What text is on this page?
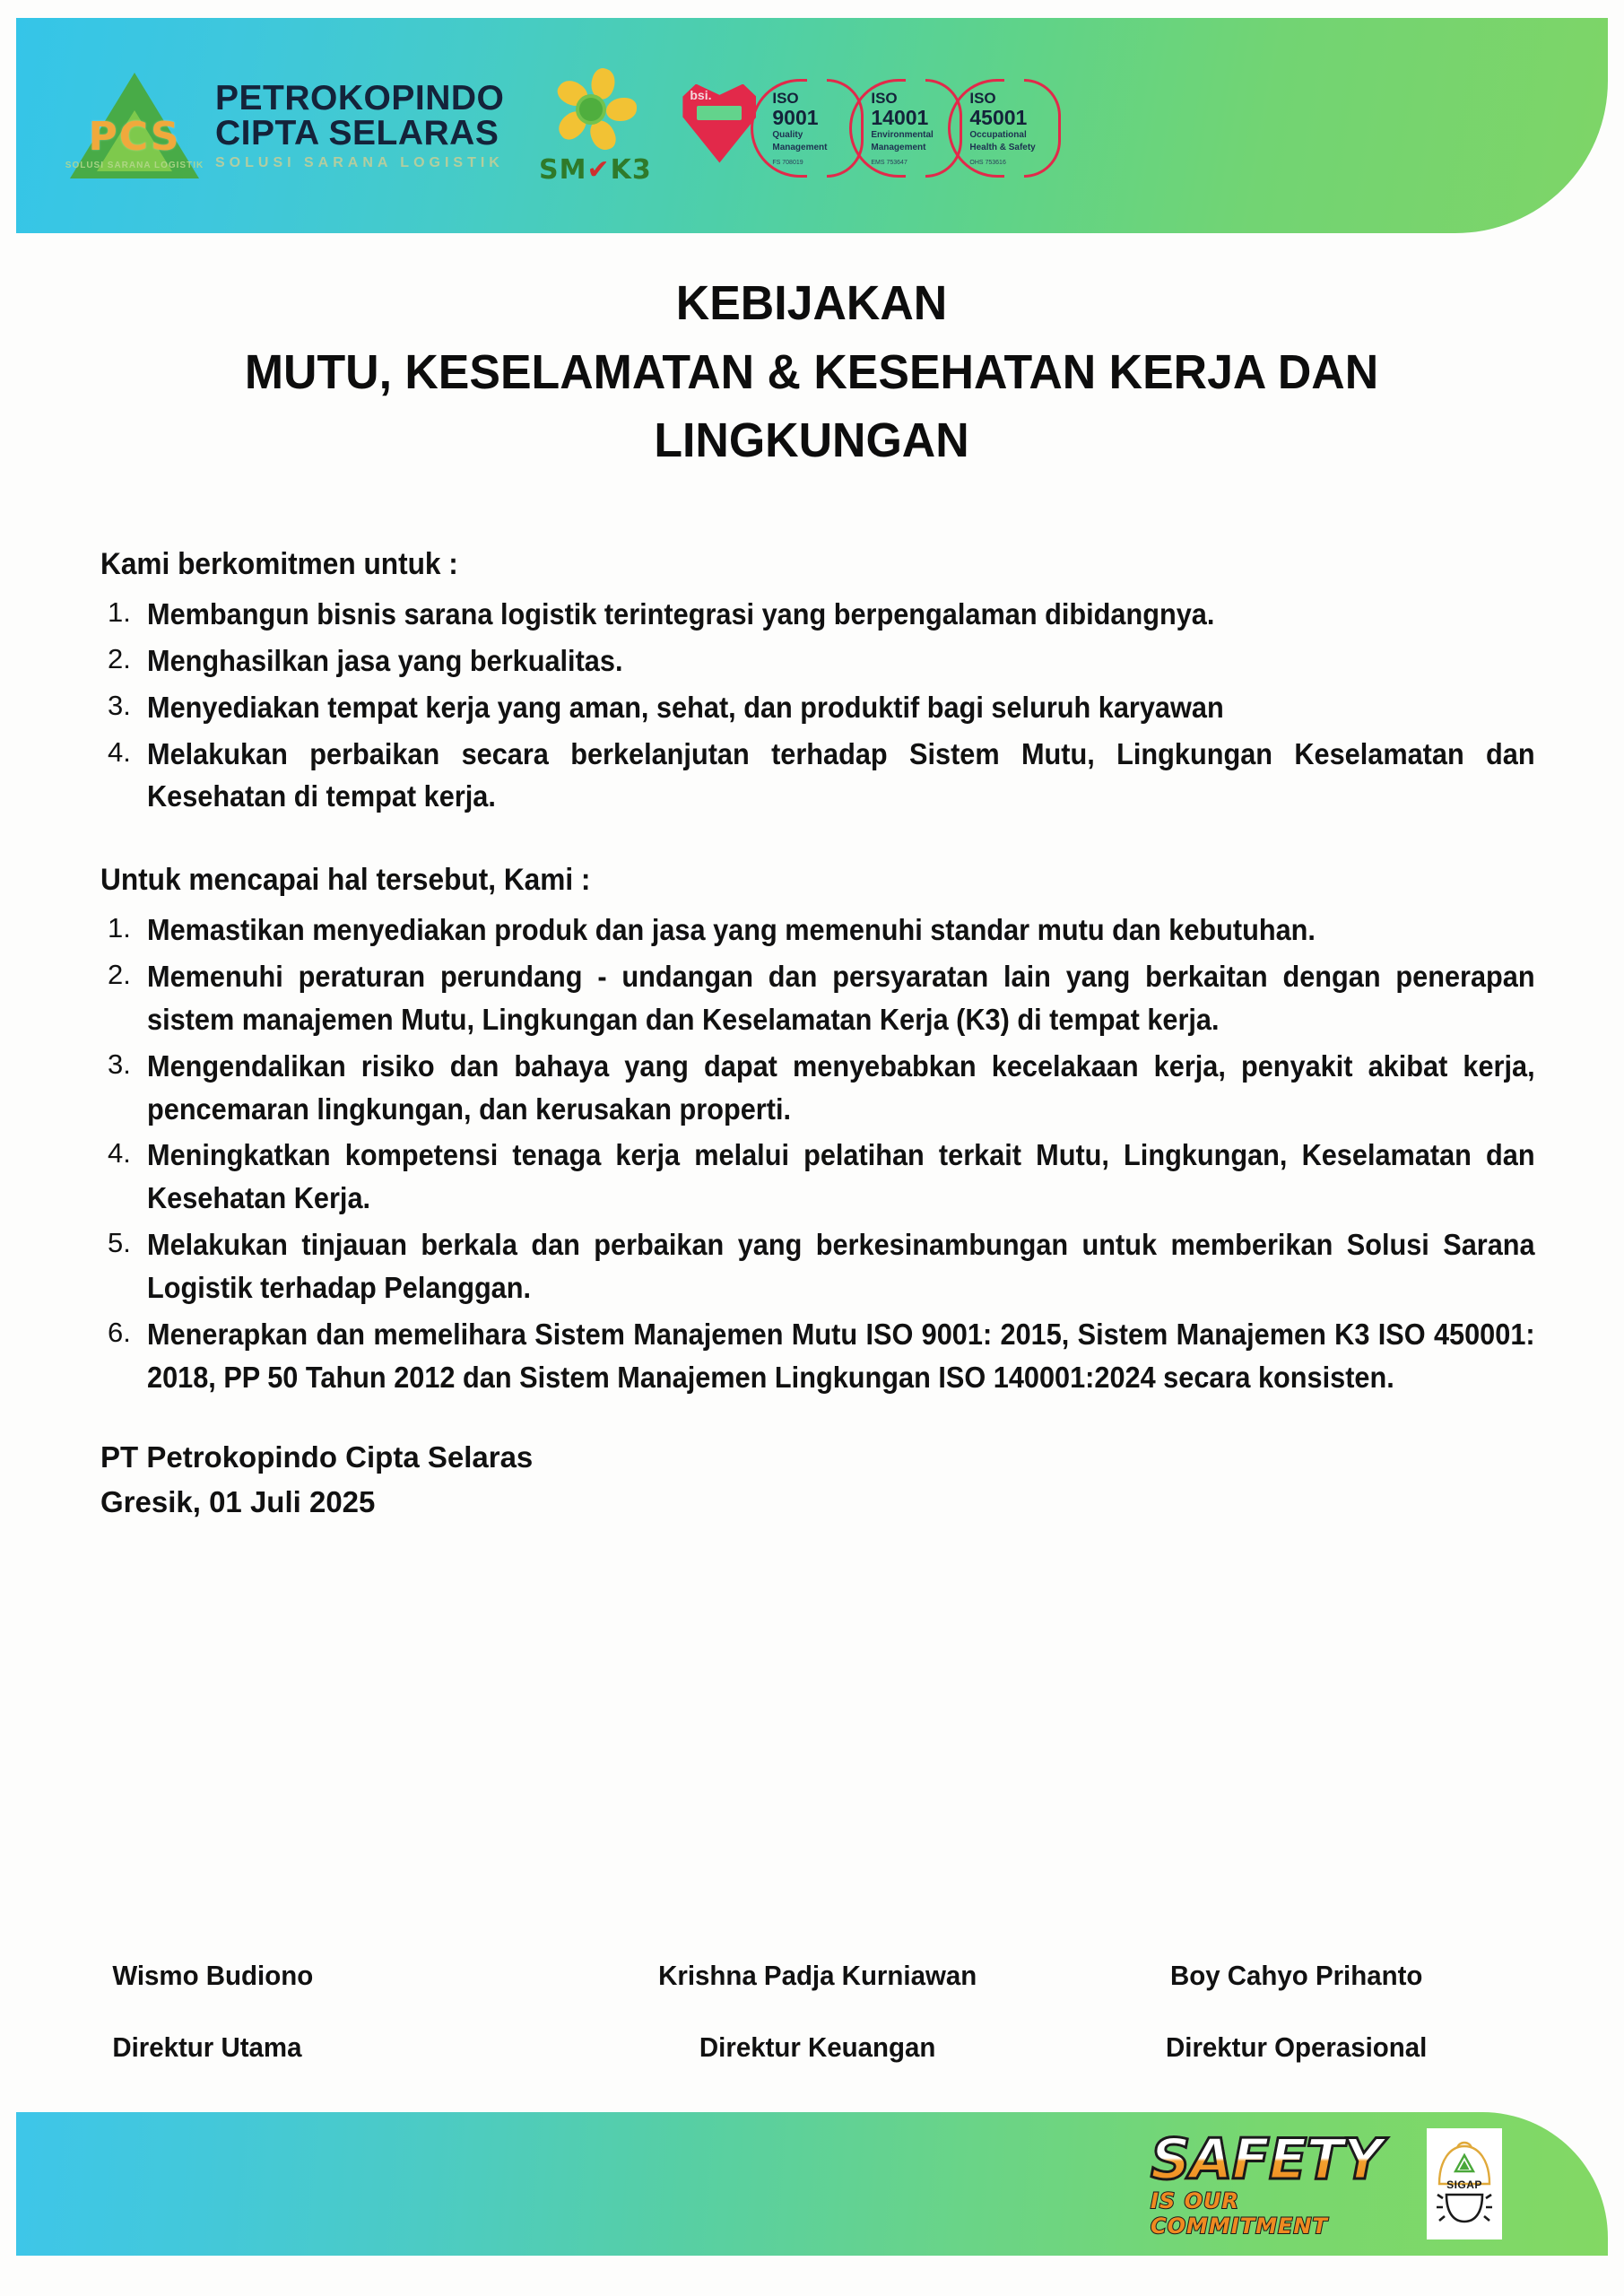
PCS
SOLUSI SARANA LOGISTIK
PETROKOPINDO
CIPTA SELARAS
SOLUSI SARANA LOGISTIK SM✔K3
bsi.	ISO
9001
Quality
Management
FS 708019
ISO
14001
Environmental
Management
EMS 753647
ISO
45001
Occupational
Health & Safety
OHS 753616
KEBIJAKAN
MUTU, KESELAMATAN & KESEHATAN KERJA DAN
LINGKUNGAN
Kami berkomitmen untuk :
Membangun bisnis sarana logistik terintegrasi yang berpengalaman dibidangnya.
Menghasilkan jasa yang berkualitas.
Menyediakan tempat kerja yang aman, sehat, dan produktif bagi seluruh karyawan
Melakukan perbaikan secara berkelanjutan terhadap Sistem Mutu, Lingkungan Keselamatan dan Kesehatan di tempat kerja.
Untuk mencapai hal tersebut, Kami :
Memastikan menyediakan produk dan jasa yang memenuhi standar mutu dan kebutuhan.
Memenuhi peraturan perundang - undangan dan persyaratan lain yang berkaitan dengan penerapan sistem manajemen Mutu, Lingkungan dan Keselamatan Kerja (K3) di tempat kerja.
Mengendalikan risiko dan bahaya yang dapat menyebabkan kecelakaan kerja, penyakit akibat kerja, pencemaran lingkungan, dan kerusakan properti.
Meningkatkan kompetensi tenaga kerja melalui pelatihan terkait Mutu, Lingkungan, Keselamatan dan Kesehatan Kerja.
Melakukan tinjauan berkala dan perbaikan yang berkesinambungan untuk memberikan Solusi Sarana Logistik terhadap Pelanggan.
Menerapkan dan memelihara Sistem Manajemen Mutu ISO 9001: 2015, Sistem Manajemen K3 ISO 450001: 2018, PP 50 Tahun 2012 dan Sistem Manajemen Lingkungan ISO 140001:2024 secara konsisten.
PT Petrokopindo Cipta Selaras
Gresik, 01 Juli 2025
Wismo Budiono
Direktur Utama
Krishna Padja Kurniawan
Direktur Keuangan
Boy Cahyo Prihanto
Direktur Operasional
SAFETY
IS OUR COMMITMENT
SIGAP
